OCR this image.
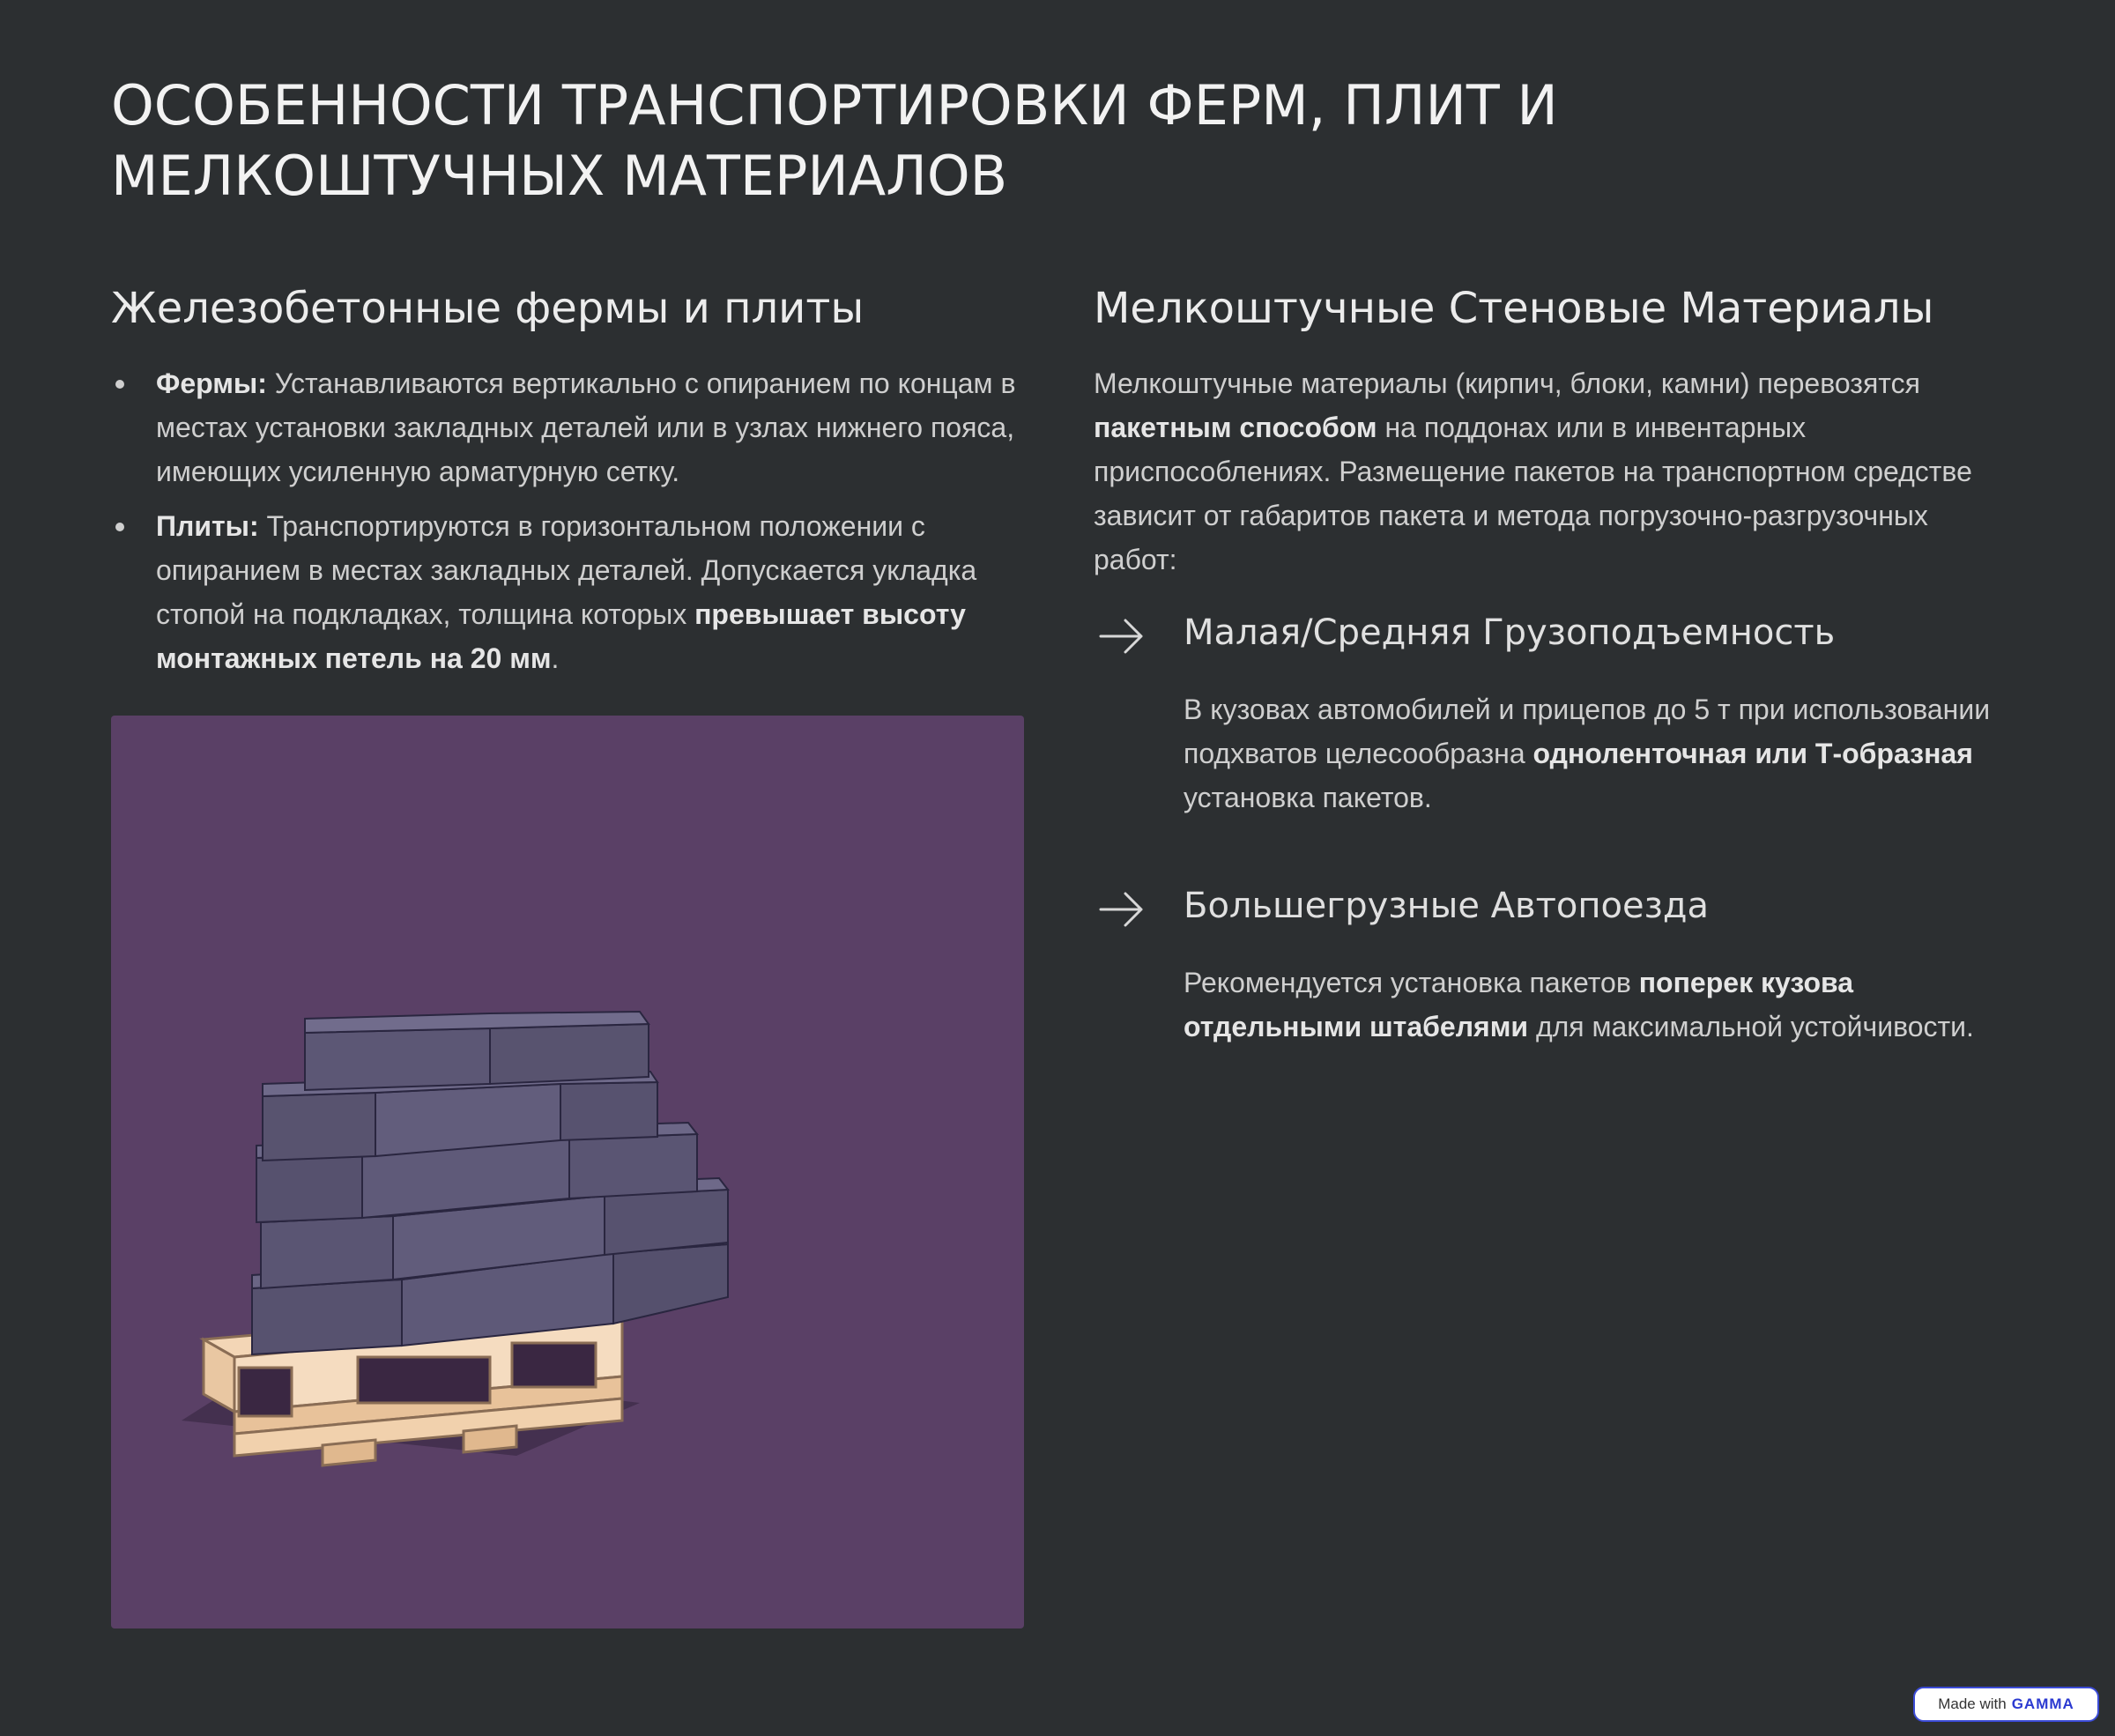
ОСОБЕННОСТИ ТРАНСПОРТИРОВКИ ФЕРМ, ПЛИТ И МЕЛКОШТУЧНЫХ МАТЕРИАЛОВ
Железобетонные фермы и плиты
Фермы: Устанавливаются вертикально с опиранием по концам в местах установки закладных деталей или в узлах нижнего пояса, имеющих усиленную арматурную сетку.
Плиты: Транспортируются в горизонтальном положении с опиранием в местах закладных деталей. Допускается укладка стопой на подкладках, толщина которых превышает высоту монтажных петель на 20 мм.
Мелкоштучные Стеновые Материалы

Мелкоштучные материалы (кирпич, блоки, камни) перевозятся пакетным способом на поддонах или в инвентарных приспособлениях. Размещение пакетов на транспортном средстве зависит от габаритов пакета и метода погрузочно-разгрузочных работ:

Малая/Средняя Грузоподъемность

В кузовах автомобилей и прицепов до 5 т при использовании подхватов целесообразна одноленточная или Т-образная установка пакетов.

Большегрузные Автопоезда

Рекомендуется установка пакетов поперек кузова отдельными штабелями для максимальной устойчивости.

Made with GAMMA
